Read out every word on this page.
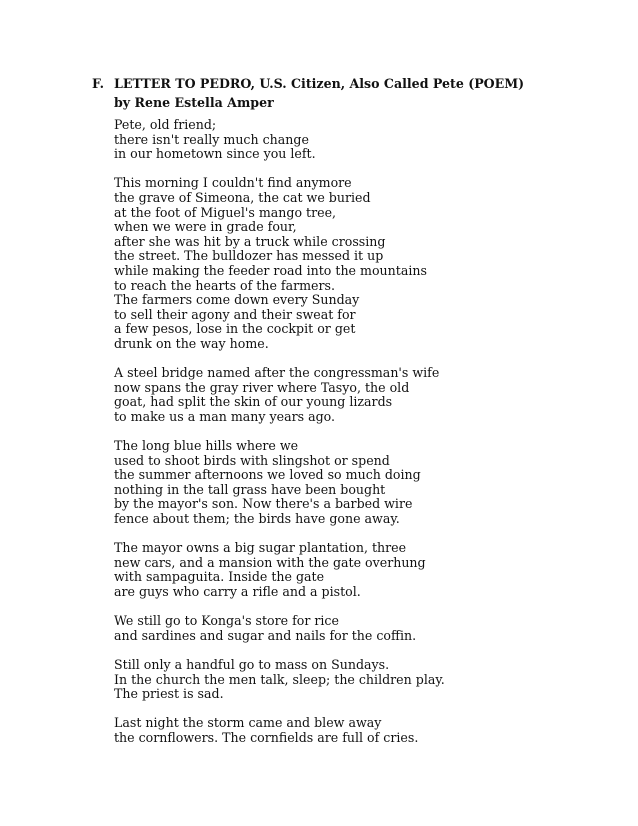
F. LETTER TO PEDRO, U.S. Citizen, Also Called Pete (POEM)
by Rene Estella Amper
Pete, old friend;
there isn't really much change
in our hometown since you left.
This morning I couldn't find anymore
the grave of Simeona, the cat we buried
at the foot of Miguel's mango tree,
when we were in grade four,
after she was hit by a truck while crossing
the street. The bulldozer has messed it up
while making the feeder road into the mountains
to reach the hearts of the farmers.
The farmers come down every Sunday
to sell their agony and their sweat for
a few pesos, lose in the cockpit or get
drunk on the way home.
A steel bridge named after the congressman's wife
now spans the gray river where Tasyo, the old
goat, had split the skin of our young lizards
to make us a man many years ago.
The long blue hills where we
used to shoot birds with slingshot or spend
the summer afternoons we loved so much doing
nothing in the tall grass have been bought
by the mayor's son. Now there's a barbed wire
fence about them; the birds have gone away.
The mayor owns a big sugar plantation, three
new cars, and a mansion with the gate overhung
with sampaguita. Inside the gate
are guys who carry a rifle and a pistol.
We still go to Konga's store for rice
and sardines and sugar and nails for the coffin.
Still only a handful go to mass on Sundays.
In the church the men talk, sleep; the children play.
The priest is sad.
Last night the storm came and blew away
the cornflowers. The cornfields are full of cries.
